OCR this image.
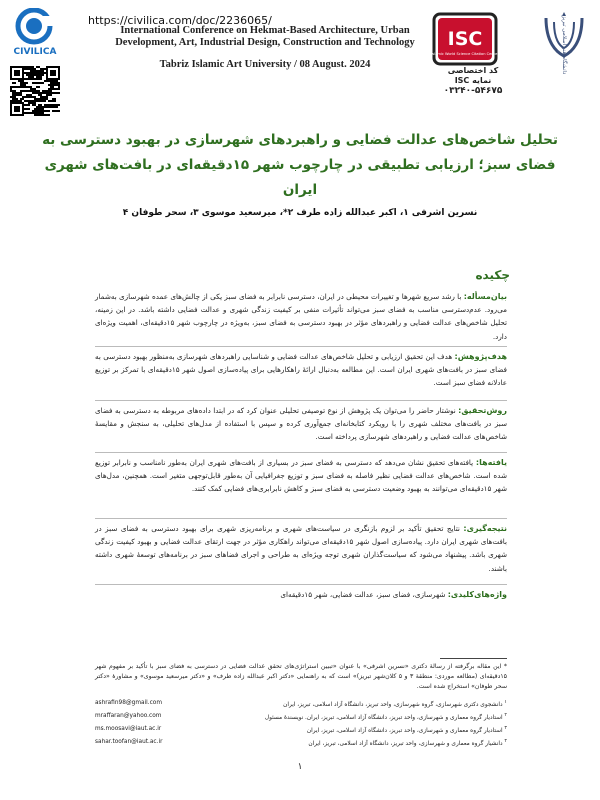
https://civilica.com/doc/2236065/
CIVILICA
International Conference on Hekmat-Based Architecture, Urban
Development, Art, Industrial Design, Construction and Technology
Tabriz Islamic Art University / 08 August. 2024
ISC
Islamic World Science Citation Center
کد اختصاصی نمایه ISC
۰۳۲۴۰-۵۴۶۷۵
دانشگاه هنر اسلامی تبریز
تحلیل شاخص‌های عدالت فضایی و راهبردهای شهرسازی در بهبود دسترسی به فضای سبز؛ ارزیابی تطبیقی در چارچوب شهر ۱۵دقیقه‌ای در بافت‌های شهری ایران
نسرین اشرفی ۱، اکبر عبدالله زاده طرف ۲*، میرسعید موسوی ۳، سحر طوفان ۴
چکیده
بیان‌مسأله: با رشد سریع شهرها و تغییرات محیطی در ایران، دسترسی نابرابر به فضای سبز یکی از چالش‌های عمده شهرسازی به‌شمار می‌رود. عدم‌دسترسی مناسب به فضای سبز می‌تواند تأثیرات منفی بر کیفیت زندگی شهری و عدالت فضایی داشته باشد. در این زمینه، تحلیل شاخص‌های عدالت فضایی و راهبردهای مؤثر در بهبود دسترسی به فضای سبز، به‌ویژه در چارچوب شهر ۱۵دقیقه‌ای، اهمیت ویژه‌ای دارد.
هدف‌پژوهش: هدف این تحقیق ارزیابی و تحلیل شاخص‌های عدالت فضایی و شناسایی راهبردهای شهرسازی به‌منظور بهبود دسترسی به فضای سبز در بافت‌های شهری ایران است. این مطالعه به‌دنبال ارائهٔ راهکارهایی برای پیاده‌سازی اصول شهر ۱۵دقیقه‌ای با تمرکز بر توزیع عادلانه فضای سبز است.
روش‌تحقیق: نوشتار حاضر را می‌توان یک پژوهش از نوع توصیفی تحلیلی عنوان کرد که در ابتدا داده‌های مربوطه به دسترسی به فضای سبز در بافت‌های مختلف شهری را با رویکرد کتابخانه‌ای جمع‌آوری کرده و سپس با استفاده از مدل‌های تحلیلی، به سنجش و مقایسهٔ شاخص‌های عدالت فضایی و راهبردهای شهرسازی پرداخته است.
یافته‌ها: یافته‌های تحقیق نشان می‌دهد که دسترسی به فضای سبز در بسیاری از بافت‌های شهری ایران به‌طور نامناسب و نابرابر توزیع شده است. شاخص‌های عدالت فضایی نظیر فاصله به فضای سبز و توزیع جغرافیایی آن به‌طور قابل‌توجهی متغیر است. همچنین، مدل‌های شهر ۱۵دقیقه‌ای می‌توانند به بهبود وضعیت دسترسی به فضای سبز و کاهش نابرابری‌های فضایی کمک کنند.
نتیجه‌گیری: نتایج تحقیق تأکید بر لزوم بازنگری در سیاست‌های شهری و برنامه‌ریزی شهری برای بهبود دسترسی به فضای سبز در بافت‌های شهری ایران دارد. پیاده‌سازی اصول شهر ۱۵دقیقه‌ای می‌تواند راهکاری مؤثر در جهت ارتقای عدالت فضایی و بهبود کیفیت زندگی شهری باشد. پیشنهاد می‌شود که سیاست‌گذاران شهری توجه ویژه‌ای به طراحی و اجرای فضاهای سبز در برنامه‌های توسعهٔ شهری داشته باشند.
واژه‌های‌کلیدی: شهرسازی، فضای سبز، عدالت فضایی، شهر ۱۵دقیقه‌ای
* این مقاله برگرفته از رسالهٔ دکتری «نسرین اشرفی» با عنوان «تبیین استراتژی‌های تحقق عدالت فضایی در دسترسی به فضای سبز با تأکید بر مفهوم شهر ۱۵دقیقه‌ای (مطالعه موردی: منطقهٔ ۳ و ۵ کلان‌شهر تبریز)» است که به راهنمایی «دکتر اکبر عبدالله زاده طرف» و «دکتر میرسعید موسوی» و مشاورهٔ «دکتر سحر طوفان» استخراج شده است.
ashrafin98@gmail.com	$^۱$ دانشجوی دکتری شهرسازی، گروه شهرسازی، واحد تبریز، دانشگاه آزاد اسلامی، تبریز، ایران
mraffaran@yahoo.com	$^۲$ استادیار گروه معماری و شهرسازی، واحد تبریز، دانشگاه آزاد اسلامی، تبریز، ایران. نویسندهٔ مسئول
ms.moosavi@iaut.ac.ir	$^۳$ استادیار گروه معماری و شهرسازی، واحد تبریز، دانشگاه آزاد اسلامی، تبریز، ایران
sahar.toofan@iaut.ac.ir	$^۴$ دانشیار گروه معماری و شهرسازی، واحد تبریز، دانشگاه آزاد اسلامی، تبریز، ایران
۱
